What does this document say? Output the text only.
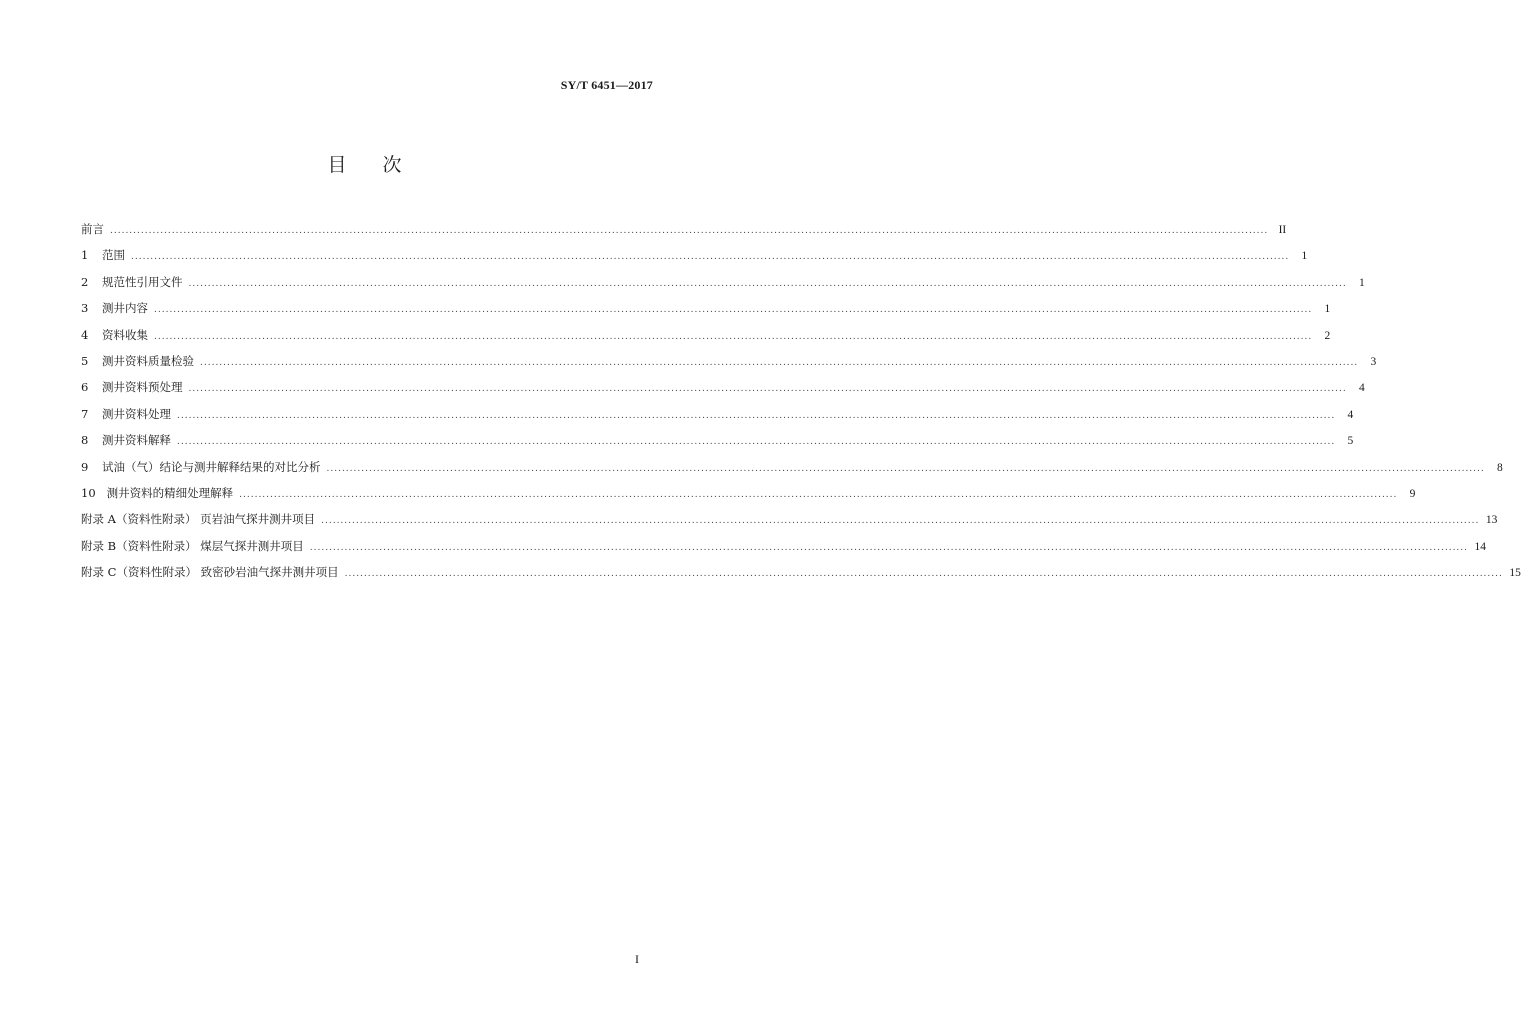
SY/T 6451—2017
目次
前言 ............................................................................................................................................................................................................................................................................................................ II
1 范围 ............................................................................................................................................................................................................................................................................................................	1
2 规范性引用文件 ............................................................................................................................................................................................................................................................................................................	1
3 测井内容 ............................................................................................................................................................................................................................................................................................................	1
4 资料收集 ............................................................................................................................................................................................................................................................................................................	2
5 测井资料质量检验 ............................................................................................................................................................................................................................................................................................................	3
6 测井资料预处理 ............................................................................................................................................................................................................................................................................................................	4
7 测井资料处理 ............................................................................................................................................................................................................................................................................................................	4
8 测井资料解释 ............................................................................................................................................................................................................................................................................................................	5
9 试油（气）结论与测井解释结果的对比分析 ............................................................................................................................................................................................................................................................................................................	8
10 测井资料的精细处理解释 ............................................................................................................................................................................................................................................................................................................	9
附录 A（资料性附录） 页岩油气探井测井项目 ............................................................................................................................................................................................................................................................................................................ 13
附录 B（资料性附录） 煤层气探井测井项目 ............................................................................................................................................................................................................................................................................................................ 14
附录 C（资料性附录） 致密砂岩油气探井测井项目 ............................................................................................................................................................................................................................................................................................................ 15
I
